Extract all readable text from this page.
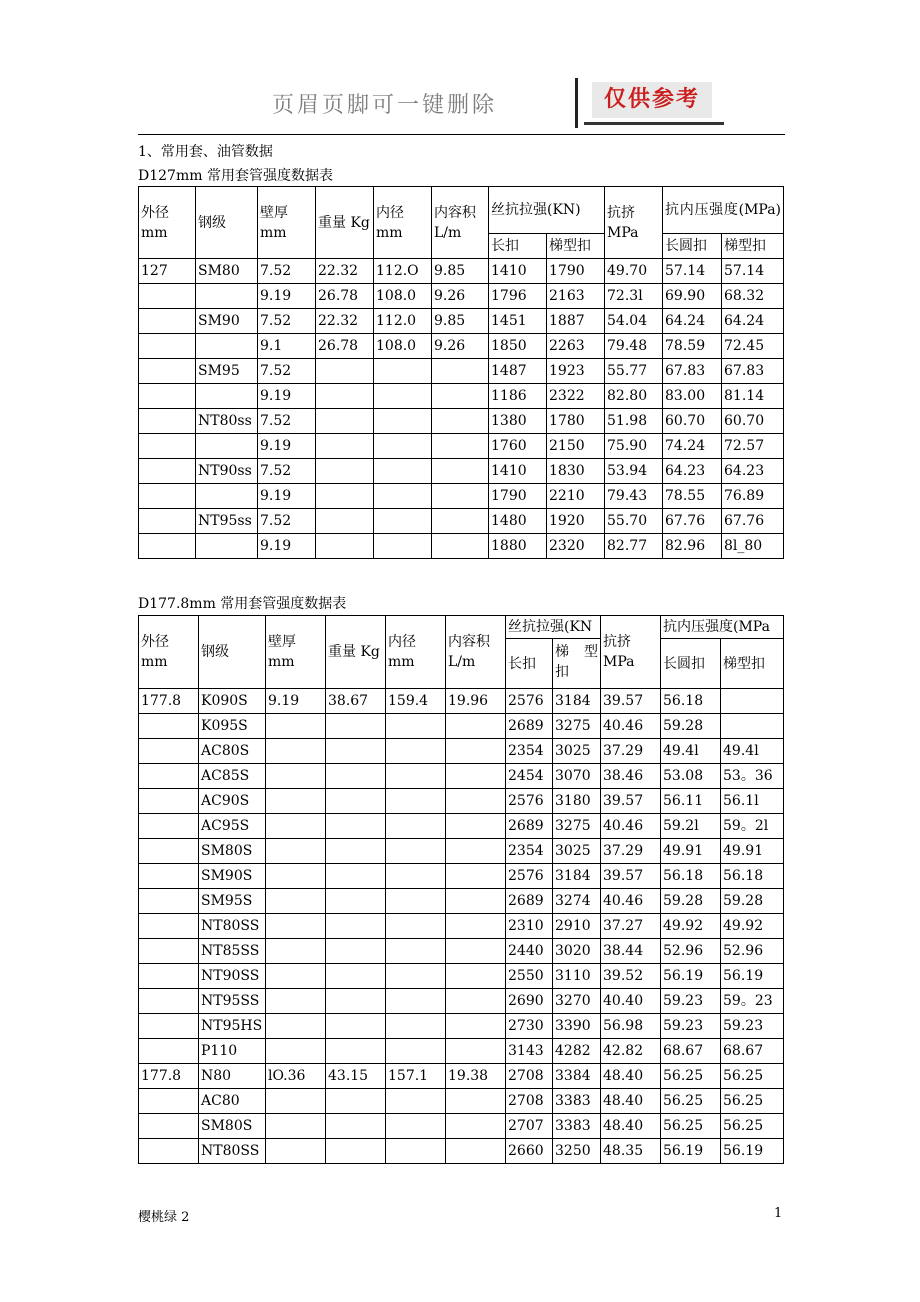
页眉页脚可一键删除	仅供参考
1、常用套、油管数据
D127mm 常用套管强度数据表
外径 mm	钢级	壁厚 mm	重量 Kg	内径 mm	内容积 L/m	丝抗拉强(KN)		抗挤 MPa	抗内压强度(MPa)	
						长扣	梯型扣		长圆扣	梯型扣
127	SM80	7.52	22.32	112.O	9.85	1410	1790	49.70	57.14	57.14
		9.19	26.78	108.0	9.26	1796	2163	72.3l	69.90	68.32
	SM90	7.52	22.32	112.0	9.85	1451	1887	54.04	64.24	64.24
		9.1	26.78	108.0	9.26	1850	2263	79.48	78.59	72.45
	SM95	7.52				1487	1923	55.77	67.83	67.83
		9.19				1186	2322	82.80	83.00	81.14
	NT80ss	7.52				1380	1780	51.98	60.70	60.70
		9.19				1760	2150	75.90	74.24	72.57
	NT90ss	7.52				1410	1830	53.94	64.23	64.23
		9.19				1790	2210	79.43	78.55	76.89
	NT95ss	7.52				1480	1920	55.70	67.76	67.76
		9.19				1880	2320	82.77	82.96	8l_80
D177.8mm 常用套管强度数据表
外径 mm	钢级	壁厚 mm	重量 Kg	内径 mm	内容积 L/m	丝抗拉强(KN		抗挤 MPa	抗内压强度(MPa	
						长扣	梯 型扣		长圆扣	梯型扣
177.8	K090S	9.19	38.67	159.4	19.96	2576	3184	39.57	56.18	
	K095S					2689	3275	40.46	59.28	
	AC80S					2354	3025	37.29	49.4l	49.4l
	AC85S					2454	3070	38.46	53.08	53。36
	AC90S					2576	3180	39.57	56.11	56.1l
	AC95S					2689	3275	40.46	59.2l	59。2l
	SM80S					2354	3025	37.29	49.91	49.91
	SM90S					2576	3184	39.57	56.18	56.18
	SM95S					2689	3274	40.46	59.28	59.28
	NT80SS					2310	2910	37.27	49.92	49.92
	NT85SS					2440	3020	38.44	52.96	52.96
	NT90SS					2550	3110	39.52	56.19	56.19
	NT95SS					2690	3270	40.40	59.23	59。23
	NT95HS					2730	3390	56.98	59.23	59.23
	P110					3143	4282	42.82	68.67	68.67
177.8	N80	lO.36	43.15	157.1	19.38	2708	3384	48.40	56.25	56.25
	AC80					2708	3383	48.40	56.25	56.25
	SM80S					2707	3383	48.40	56.25	56.25
	NT80SS					2660	3250	48.35	56.19	56.19
樱桃绿 2	1
